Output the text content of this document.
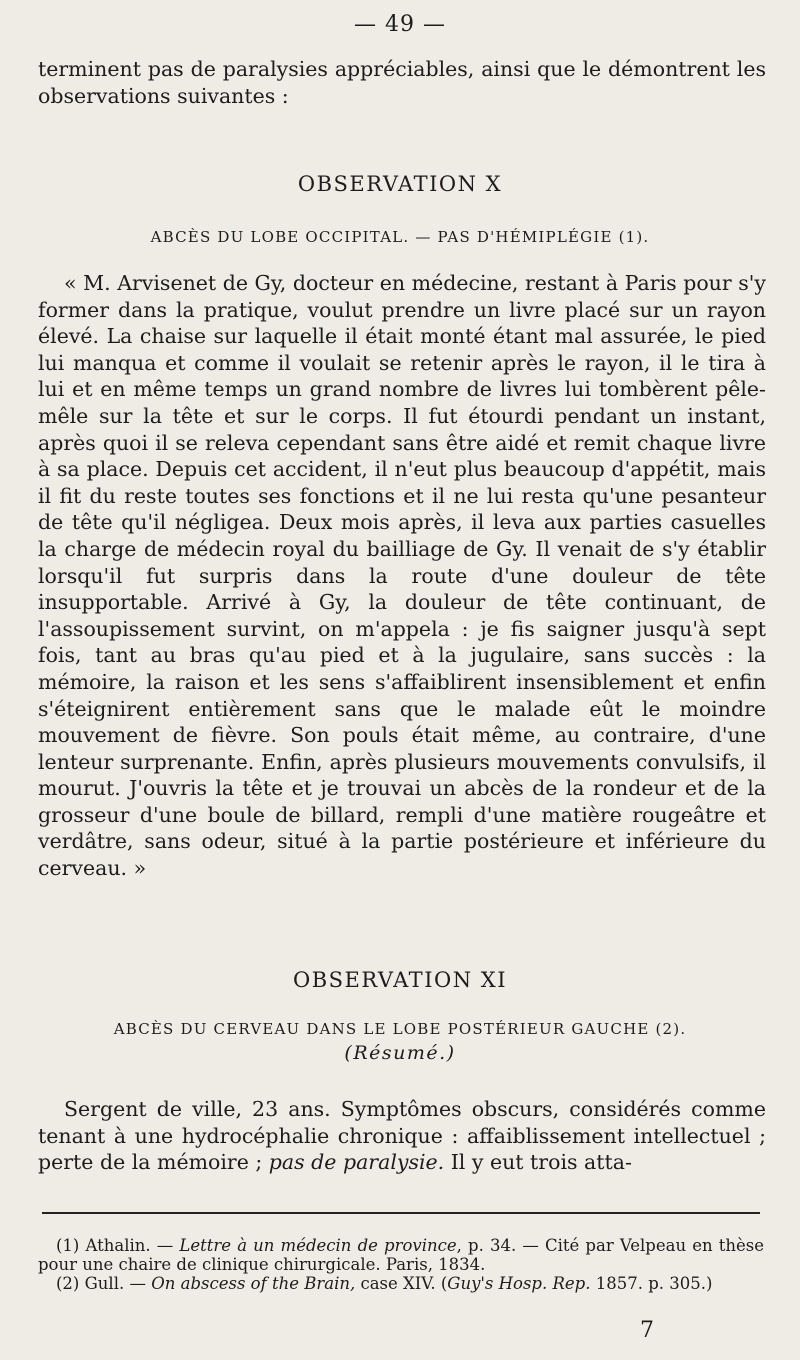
— 49 —

terminent pas de paralysies appréciables, ainsi que le démontrent les observations suivantes :

OBSERVATION X
ABCÈS DU LOBE OCCIPITAL. — PAS D'HÉMIPLÉGIE (1).

« M. Arvisenet de Gy, docteur en médecine, restant à Paris pour s'y former dans la pratique, voulut prendre un livre placé sur un rayon élevé. La chaise sur laquelle il était monté étant mal assurée, le pied lui manqua et comme il voulait se retenir après le rayon, il le tira à lui et en même temps un grand nombre de livres lui tombèrent pêle-mêle sur la tête et sur le corps. Il fut étourdi pendant un instant, après quoi il se releva cependant sans être aidé et remit chaque livre à sa place. Depuis cet accident, il n'eut plus beaucoup d'appétit, mais il fit du reste toutes ses fonctions et il ne lui resta qu'une pesanteur de tête qu'il négligea. Deux mois après, il leva aux parties casuelles la charge de médecin royal du bailliage de Gy. Il venait de s'y établir lorsqu'il fut surpris dans la route d'une douleur de tête insupportable. Arrivé à Gy, la douleur de tête continuant, de l'assoupissement survint, on m'appela : je fis saigner jusqu'à sept fois, tant au bras qu'au pied et à la jugulaire, sans succès : la mémoire, la raison et les sens s'affaiblirent insensiblement et enfin s'éteignirent entièrement sans que le malade eût le moindre mouvement de fièvre. Son pouls était même, au contraire, d'une lenteur surprenante. Enfin, après plusieurs mouvements convulsifs, il mourut. J'ouvris la tête et je trouvai un abcès de la rondeur et de la grosseur d'une boule de billard, rempli d'une matière rougeâtre et verdâtre, sans odeur, situé à la partie postérieure et inférieure du cerveau. »

OBSERVATION XI
ABCÈS DU CERVEAU DANS LE LOBE POSTÉRIEUR GAUCHE (2).
(Résumé.)

Sergent de ville, 23 ans. Symptômes obscurs, considérés comme tenant à une hydrocéphalie chronique : affaiblissement intellectuel ; perte de la mémoire ; pas de paralysie. Il y eut trois atta-

(1) Athalin. — Lettre à un médecin de province, p. 34. — Cité par Velpeau en thèse pour une chaire de clinique chirurgicale. Paris, 1834.

(2) Gull. — On abscess of the Brain, case XIV. (Guy's Hosp. Rep. 1857. p. 305.)

7
